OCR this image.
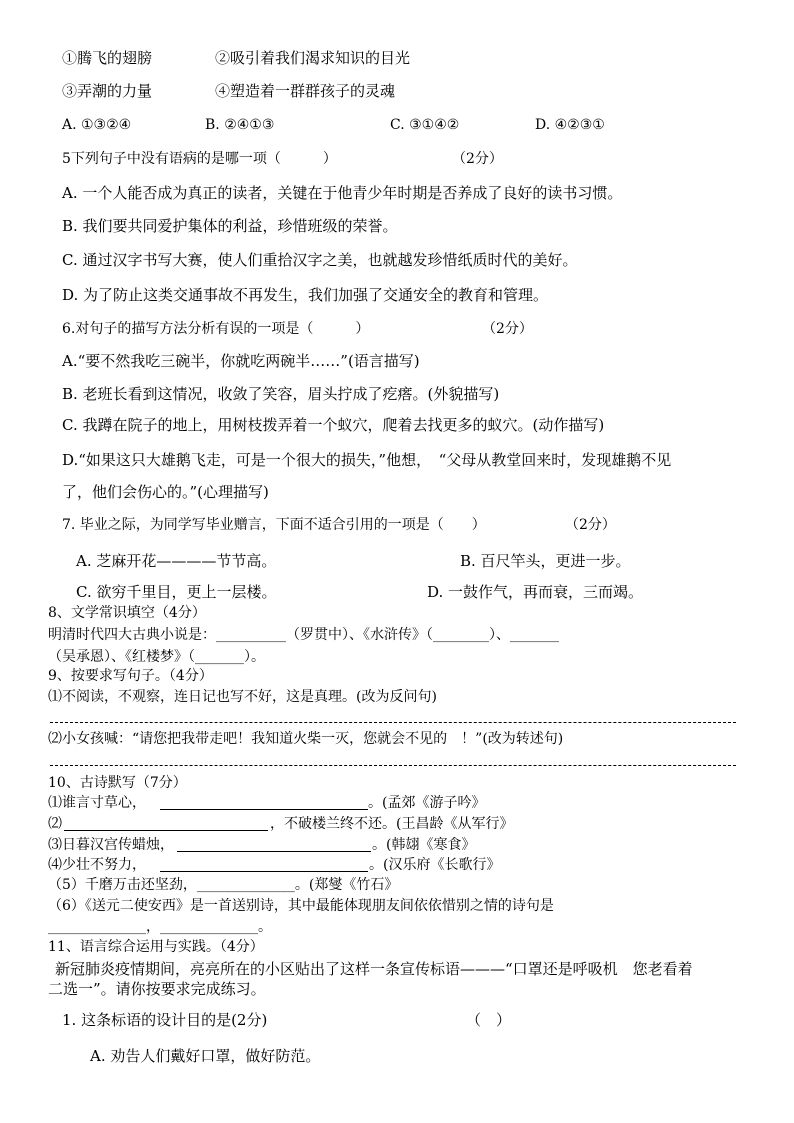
①腾飞的翅膀	②吸引着我们渴求知识的目光
③弄潮的力量	④塑造着一群群孩子的灵魂
A. ①③②④	B. ②④①③	C. ③①④②	D. ④②③①
5下列句子中没有语病的是哪一项（　　　）	（2分）
A. 一个人能否成为真正的读者，关键在于他青少年时期是否养成了良好的读书习惯。
B. 我们要共同爱护集体的利益，珍惜班级的荣誉。
C. 通过汉字书写大赛，使人们重拾汉字之美，也就越发珍惜纸质时代的美好。
D. 为了防止这类交通事故不再发生，我们加强了交通安全的教育和管理。
6.对句子的描写方法分析有误的一项是（　　　）	（2分）
A.“要不然我吃三碗半，你就吃两碗半……”(语言描写)
B. 老班长看到这情况，收敛了笑容，眉头拧成了疙瘩。(外貌描写)
C. 我蹲在院子的地上，用树枝拨弄着一个蚁穴，爬着去找更多的蚁穴。(动作描写)
D.“如果这只大雄鹅飞走，可是一个很大的损失，”他想，　“父母从教堂回来时，发现雄鹅不见
了，他们会伤心的。”(心理描写)
7. 毕业之际，为同学写毕业赠言，下面不适合引用的一项是（　　）	（2分）
A. 芝麻开花————节节高。	B. 百尺竿头，更进一步。
C. 欲穷千里目，更上一层楼。	D. 一鼓作气，再而衰，三而竭。
8、文学常识填空（4分）
明清时代四大古典小说是：__________（罗贯中）、《水浒传》（________）、_______
（吴承恩）、《红楼梦》（_______）。
9、按要求写句子。（4分）
⑴不阅读，不观察，连日记也写不好，这是真理。(改为反问句)
⑵小女孩喊：“请您把我带走吧！我知道火柴一灭，您就会不见的　！”(改为转述句)
10、古诗默写（7分）
⑴谁言寸草心，	。(孟郊《游子吟》
⑵	，不破楼兰终不还。(王昌龄《从军行》
⑶日暮汉宫传蜡烛，	。(韩翃《寒食》
⑷少壮不努力，	。(汉乐府《长歌行》
（5）千磨万击还坚劲，______________。(郑燮《竹石》
（6）《送元二使安西》是一首送别诗，其中最能体现朋友间依依惜别之情的诗句是
______________，______________。
11、语言综合运用与实践。（4分）
新冠肺炎疫情期间，亮亮所在的小区贴出了这样一条宣传标语———“口罩还是呼吸机　您老看着
二选一”。请你按要求完成练习。
1. 这条标语的设计目的是(2分)	（　）
A. 劝告人们戴好口罩，做好防范。
